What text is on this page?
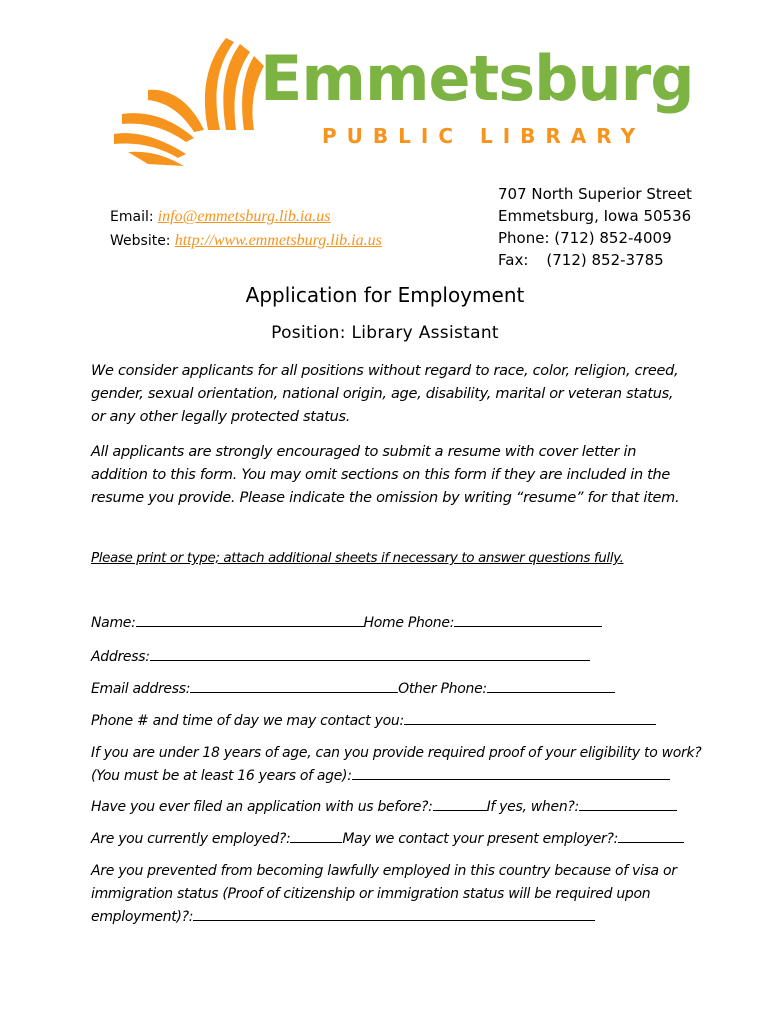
Emmetsburg
PUBLIC LIBRARY
Email: info@emmetsburg.lib.ia.us
Website: http://www.emmetsburg.lib.ia.us
707 North Superior Street
Emmetsburg, Iowa 50536
Phone: (712) 852-4009
Fax: (712) 852-3785
Application for Employment
Position: Library Assistant
We consider applicants for all positions without regard to race, color, religion, creed,
gender, sexual orientation, national origin, age, disability, marital or veteran status,
or any other legally protected status.
All applicants are strongly encouraged to submit a resume with cover letter in
addition to this form. You may omit sections on this form if they are included in the
resume you provide. Please indicate the omission by writing “resume” for that item.
Please print or type; attach additional sheets if necessary to answer questions fully.
Name:	Home Phone:
Address:
Email address:	Other Phone:
Phone # and time of day we may contact you:
If you are under 18 years of age, can you provide required proof of your eligibility to work?
(You must be at least 16 years of age):
Have you ever filed an application with us before?:	If yes, when?:
Are you currently employed?:	May we contact your present employer?:
Are you prevented from becoming lawfully employed in this country because of visa or
immigration status (Proof of citizenship or immigration status will be required upon
employment)?:
